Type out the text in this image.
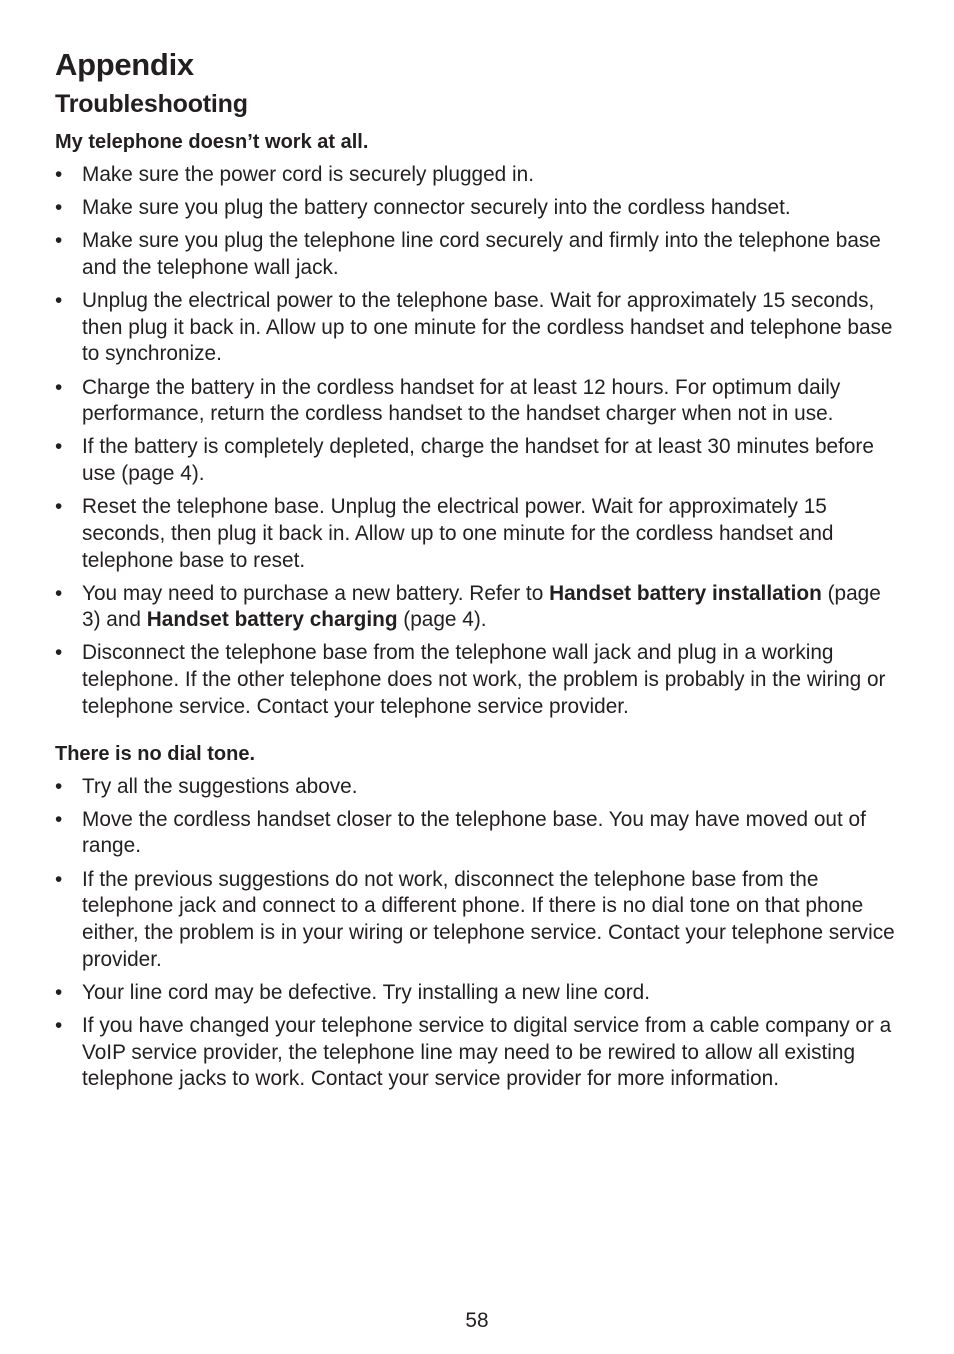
Appendix
Troubleshooting

My telephone doesn’t work at all.

• Make sure the power cord is securely plugged in.
• Make sure you plug the battery connector securely into the cordless handset.
• Make sure you plug the telephone line cord securely and firmly into the telephone base and the telephone wall jack.
• Unplug the electrical power to the telephone base. Wait for approximately 15 seconds, then plug it back in. Allow up to one minute for the cordless handset and telephone base to synchronize.
• Charge the battery in the cordless handset for at least 12 hours. For optimum daily performance, return the cordless handset to the handset charger when not in use.
• If the battery is completely depleted, charge the handset for at least 30 minutes before use (page 4).
• Reset the telephone base. Unplug the electrical power. Wait for approximately 15 seconds, then plug it back in. Allow up to one minute for the cordless handset and telephone base to reset.
• You may need to purchase a new battery. Refer to Handset battery installation (page 3) and Handset battery charging (page 4).
• Disconnect the telephone base from the telephone wall jack and plug in a working telephone. If the other telephone does not work, the problem is probably in the wiring or telephone service. Contact your telephone service provider.

There is no dial tone.

• Try all the suggestions above.
• Move the cordless handset closer to the telephone base. You may have moved out of range.
• If the previous suggestions do not work, disconnect the telephone base from the telephone jack and connect to a different phone. If there is no dial tone on that phone either, the problem is in your wiring or telephone service. Contact your telephone service provider.
• Your line cord may be defective. Try installing a new line cord.
• If you have changed your telephone service to digital service from a cable company or a VoIP service provider, the telephone line may need to be rewired to allow all existing telephone jacks to work. Contact your service provider for more information.
58
